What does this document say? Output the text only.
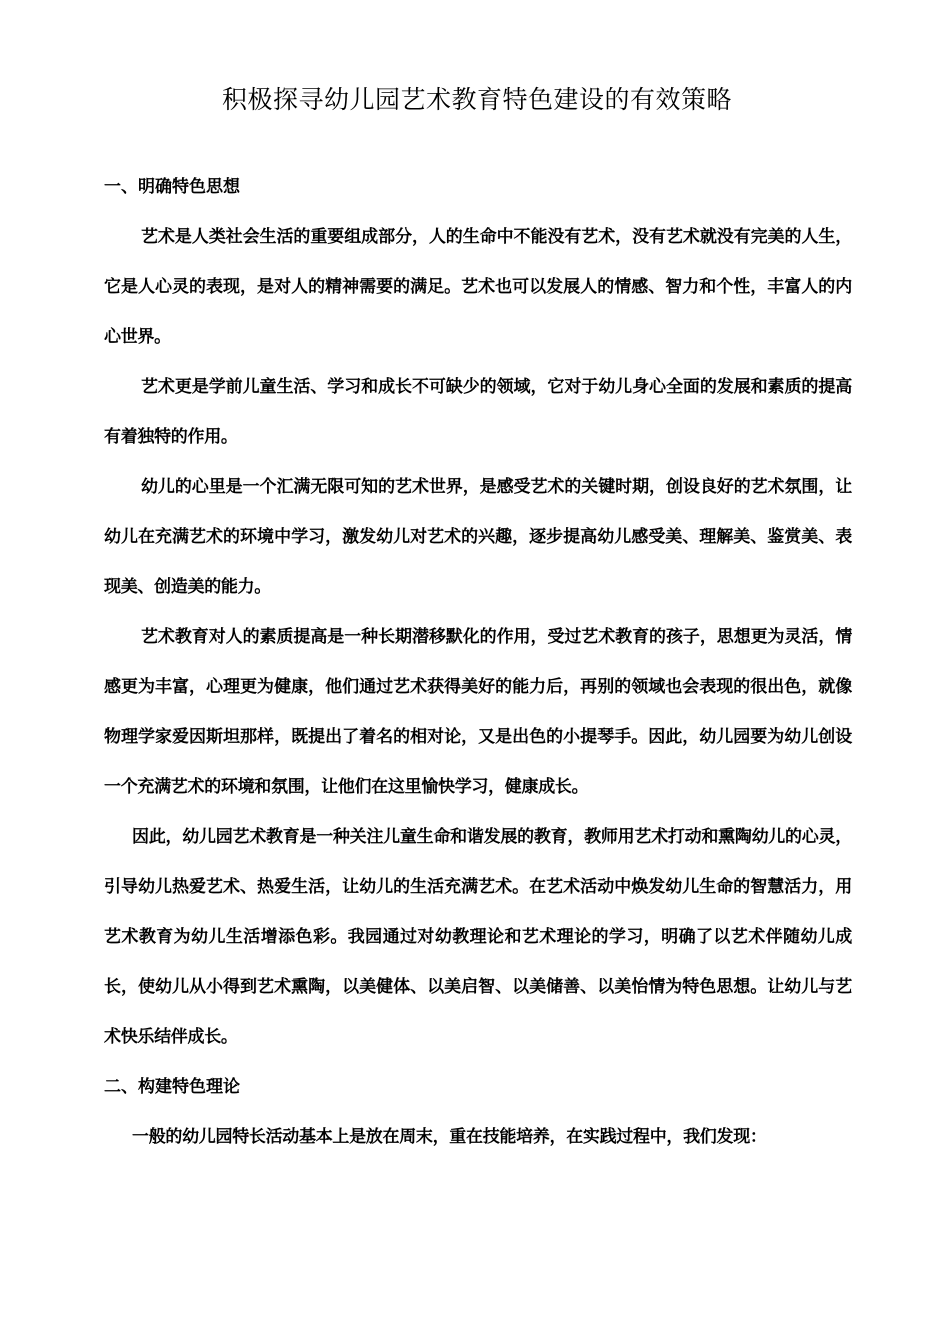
积极探寻幼儿园艺术教育特色建设的有效策略

一、明确特色思想

艺术是人类社会生活的重要组成部分，人的生命中不能没有艺术，没有艺术就没有完美的人生，它是人心灵的表现，是对人的精神需要的满足。艺术也可以发展人的情感、智力和个性，丰富人的内心世界。

艺术更是学前儿童生活、学习和成长不可缺少的领域，它对于幼儿身心全面的发展和素质的提高有着独特的作用。

幼儿的心里是一个汇满无限可知的艺术世界，是感受艺术的关键时期，创设良好的艺术氛围，让幼儿在充满艺术的环境中学习，激发幼儿对艺术的兴趣，逐步提高幼儿感受美、理解美、鉴赏美、表现美、创造美的能力。

艺术教育对人的素质提高是一种长期潜移默化的作用，受过艺术教育的孩子，思想更为灵活，情感更为丰富，心理更为健康，他们通过艺术获得美好的能力后，再别的领域也会表现的很出色，就像物理学家爱因斯坦那样，既提出了着名的相对论，又是出色的小提琴手。因此，幼儿园要为幼儿创设一个充满艺术的环境和氛围，让他们在这里愉快学习，健康成长。

因此，幼儿园艺术教育是一种关注儿童生命和谐发展的教育，教师用艺术打动和熏陶幼儿的心灵，引导幼儿热爱艺术、热爱生活，让幼儿的生活充满艺术。在艺术活动中焕发幼儿生命的智慧活力，用艺术教育为幼儿生活增添色彩。我园通过对幼教理论和艺术理论的学习，明确了以艺术伴随幼儿成长，使幼儿从小得到艺术熏陶，以美健体、以美启智、以美储善、以美怡情为特色思想。让幼儿与艺术快乐结伴成长。

二、构建特色理论

一般的幼儿园特长活动基本上是放在周末，重在技能培养，在实践过程中，我们发现：
